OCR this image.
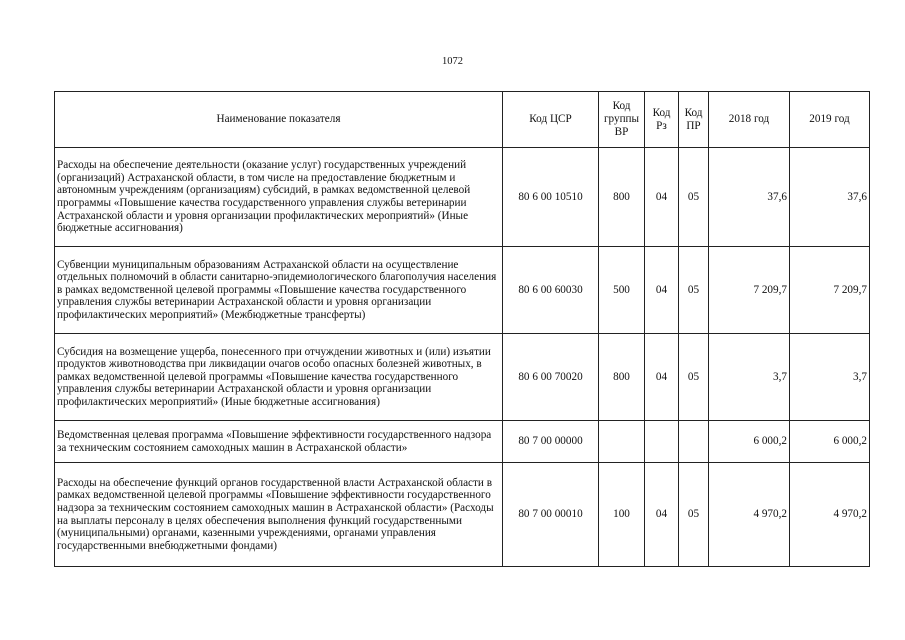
1072
Наименование показателя	Код ЦСР	Код группы ВР	Код Рз	Код ПР	2018 год	2019 год
Расходы на обеспечение деятельности (оказание услуг) государственных учреждений (организаций) Астраханской области, в том числе на предоставление бюджетным и автономным учреждениям (организациям) субсидий, в рамках ведомственной целевой программы «Повышение качества государственного управления службы ветеринарии Астраханской области и уровня организации профилактических мероприятий» (Иные бюджетные ассигнования)	80 6 00 10510	800	04	05	37,6	37,6
Субвенции муниципальным образованиям Астраханской области на осуществление отдельных полномочий в области санитарно-эпидемиологического благополучия населения в рамках ведомственной целевой программы «Повышение качества государственного управления службы ветеринарии Астраханской области и уровня организации профилактических мероприятий» (Межбюджетные трансферты)	80 6 00 60030	500	04	05	7 209,7	7 209,7
Субсидия на возмещение ущерба, понесенного при отчуждении животных и (или) изъятии продуктов животноводства при ликвидации очагов особо опасных болезней животных, в рамках ведомственной целевой программы «Повышение качества государственного управления службы ветеринарии Астраханской области и уровня организации профилактических мероприятий» (Иные бюджетные ассигнования)	80 6 00 70020	800	04	05	3,7	3,7
Ведомственная целевая программа «Повышение эффективности государственного надзора за техническим состоянием самоходных машин в Астраханской области»	80 7 00 00000				6 000,2	6 000,2
Расходы на обеспечение функций органов государственной власти Астраханской области в рамках ведомственной целевой программы «Повышение эффективности государственного надзора за техническим состоянием самоходных машин в Астраханской области» (Расходы на выплаты персоналу в целях обеспечения выполнения функций государственными (муниципальными) органами, казенными учреждениями, органами управления государственными внебюджетными фондами)	80 7 00 00010	100	04	05	4 970,2	4 970,2
